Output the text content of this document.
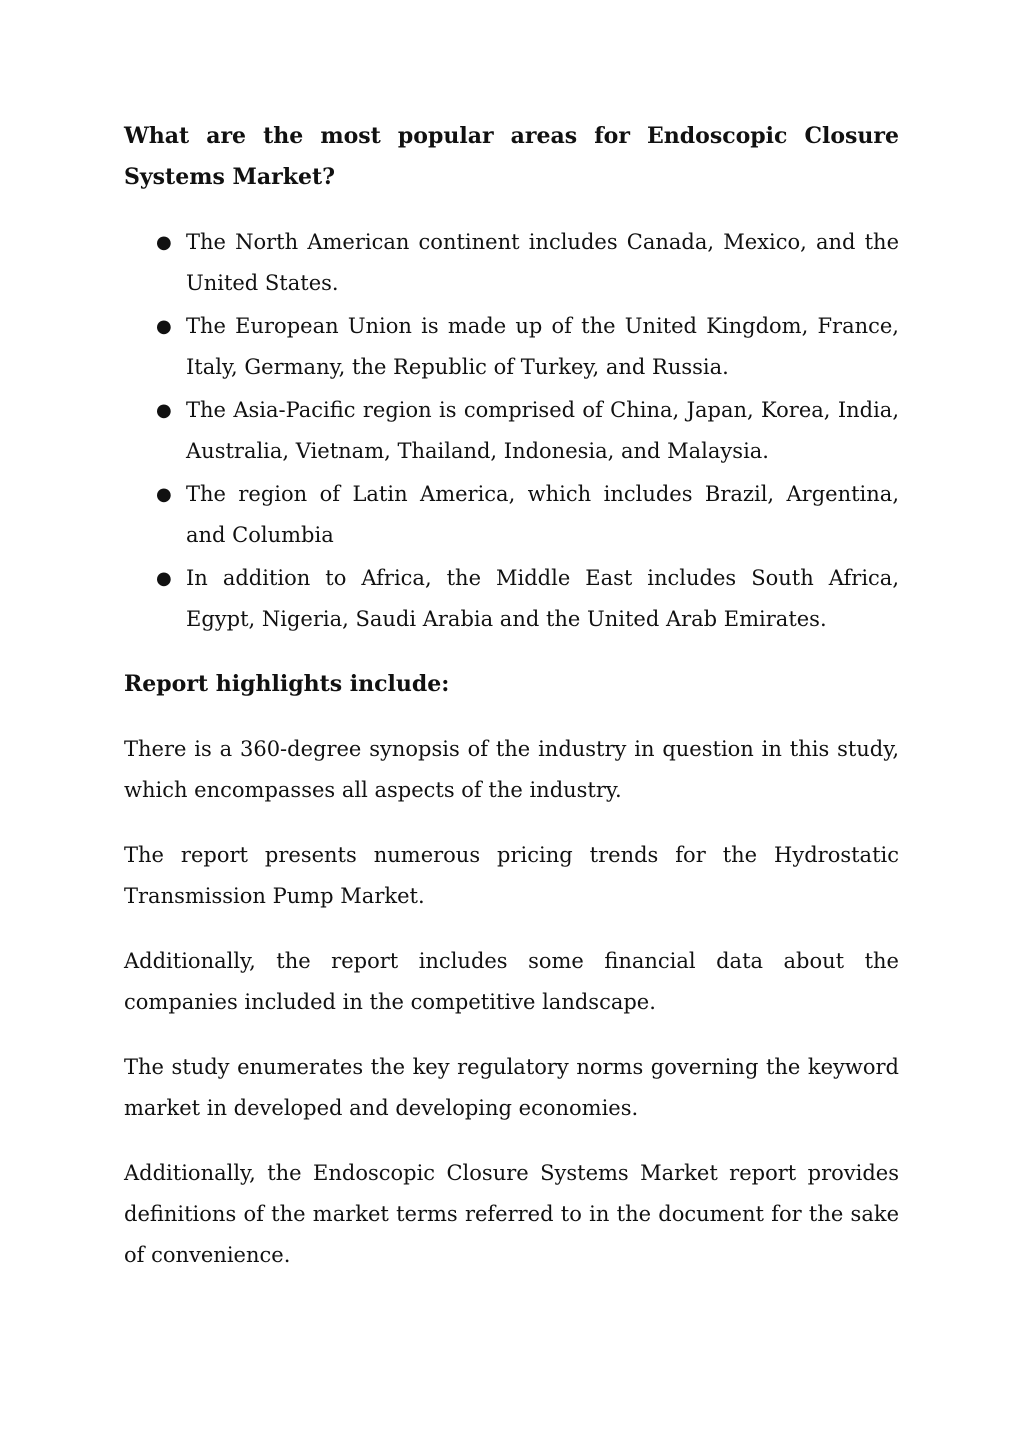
What are the most popular areas for Endoscopic Closure Systems Market?
● The North American continent includes Canada, Mexico, and the United States.
● The European Union is made up of the United Kingdom, France, Italy, Germany, the Republic of Turkey, and Russia.
● The Asia-Pacific region is comprised of China, Japan, Korea, India, Australia, Vietnam, Thailand, Indonesia, and Malaysia.
● The region of Latin America, which includes Brazil, Argentina, and Columbia
● In addition to Africa, the Middle East includes South Africa, Egypt, Nigeria, Saudi Arabia and the United Arab Emirates.
Report highlights include:

There is a 360-degree synopsis of the industry in question in this study, which encompasses all aspects of the industry.

The report presents numerous pricing trends for the Hydrostatic Transmission Pump Market.

Additionally, the report includes some financial data about the companies included in the competitive landscape.

The study enumerates the key regulatory norms governing the keyword market in developed and developing economies.

Additionally, the Endoscopic Closure Systems Market report provides definitions of the market terms referred to in the document for the sake of convenience.
